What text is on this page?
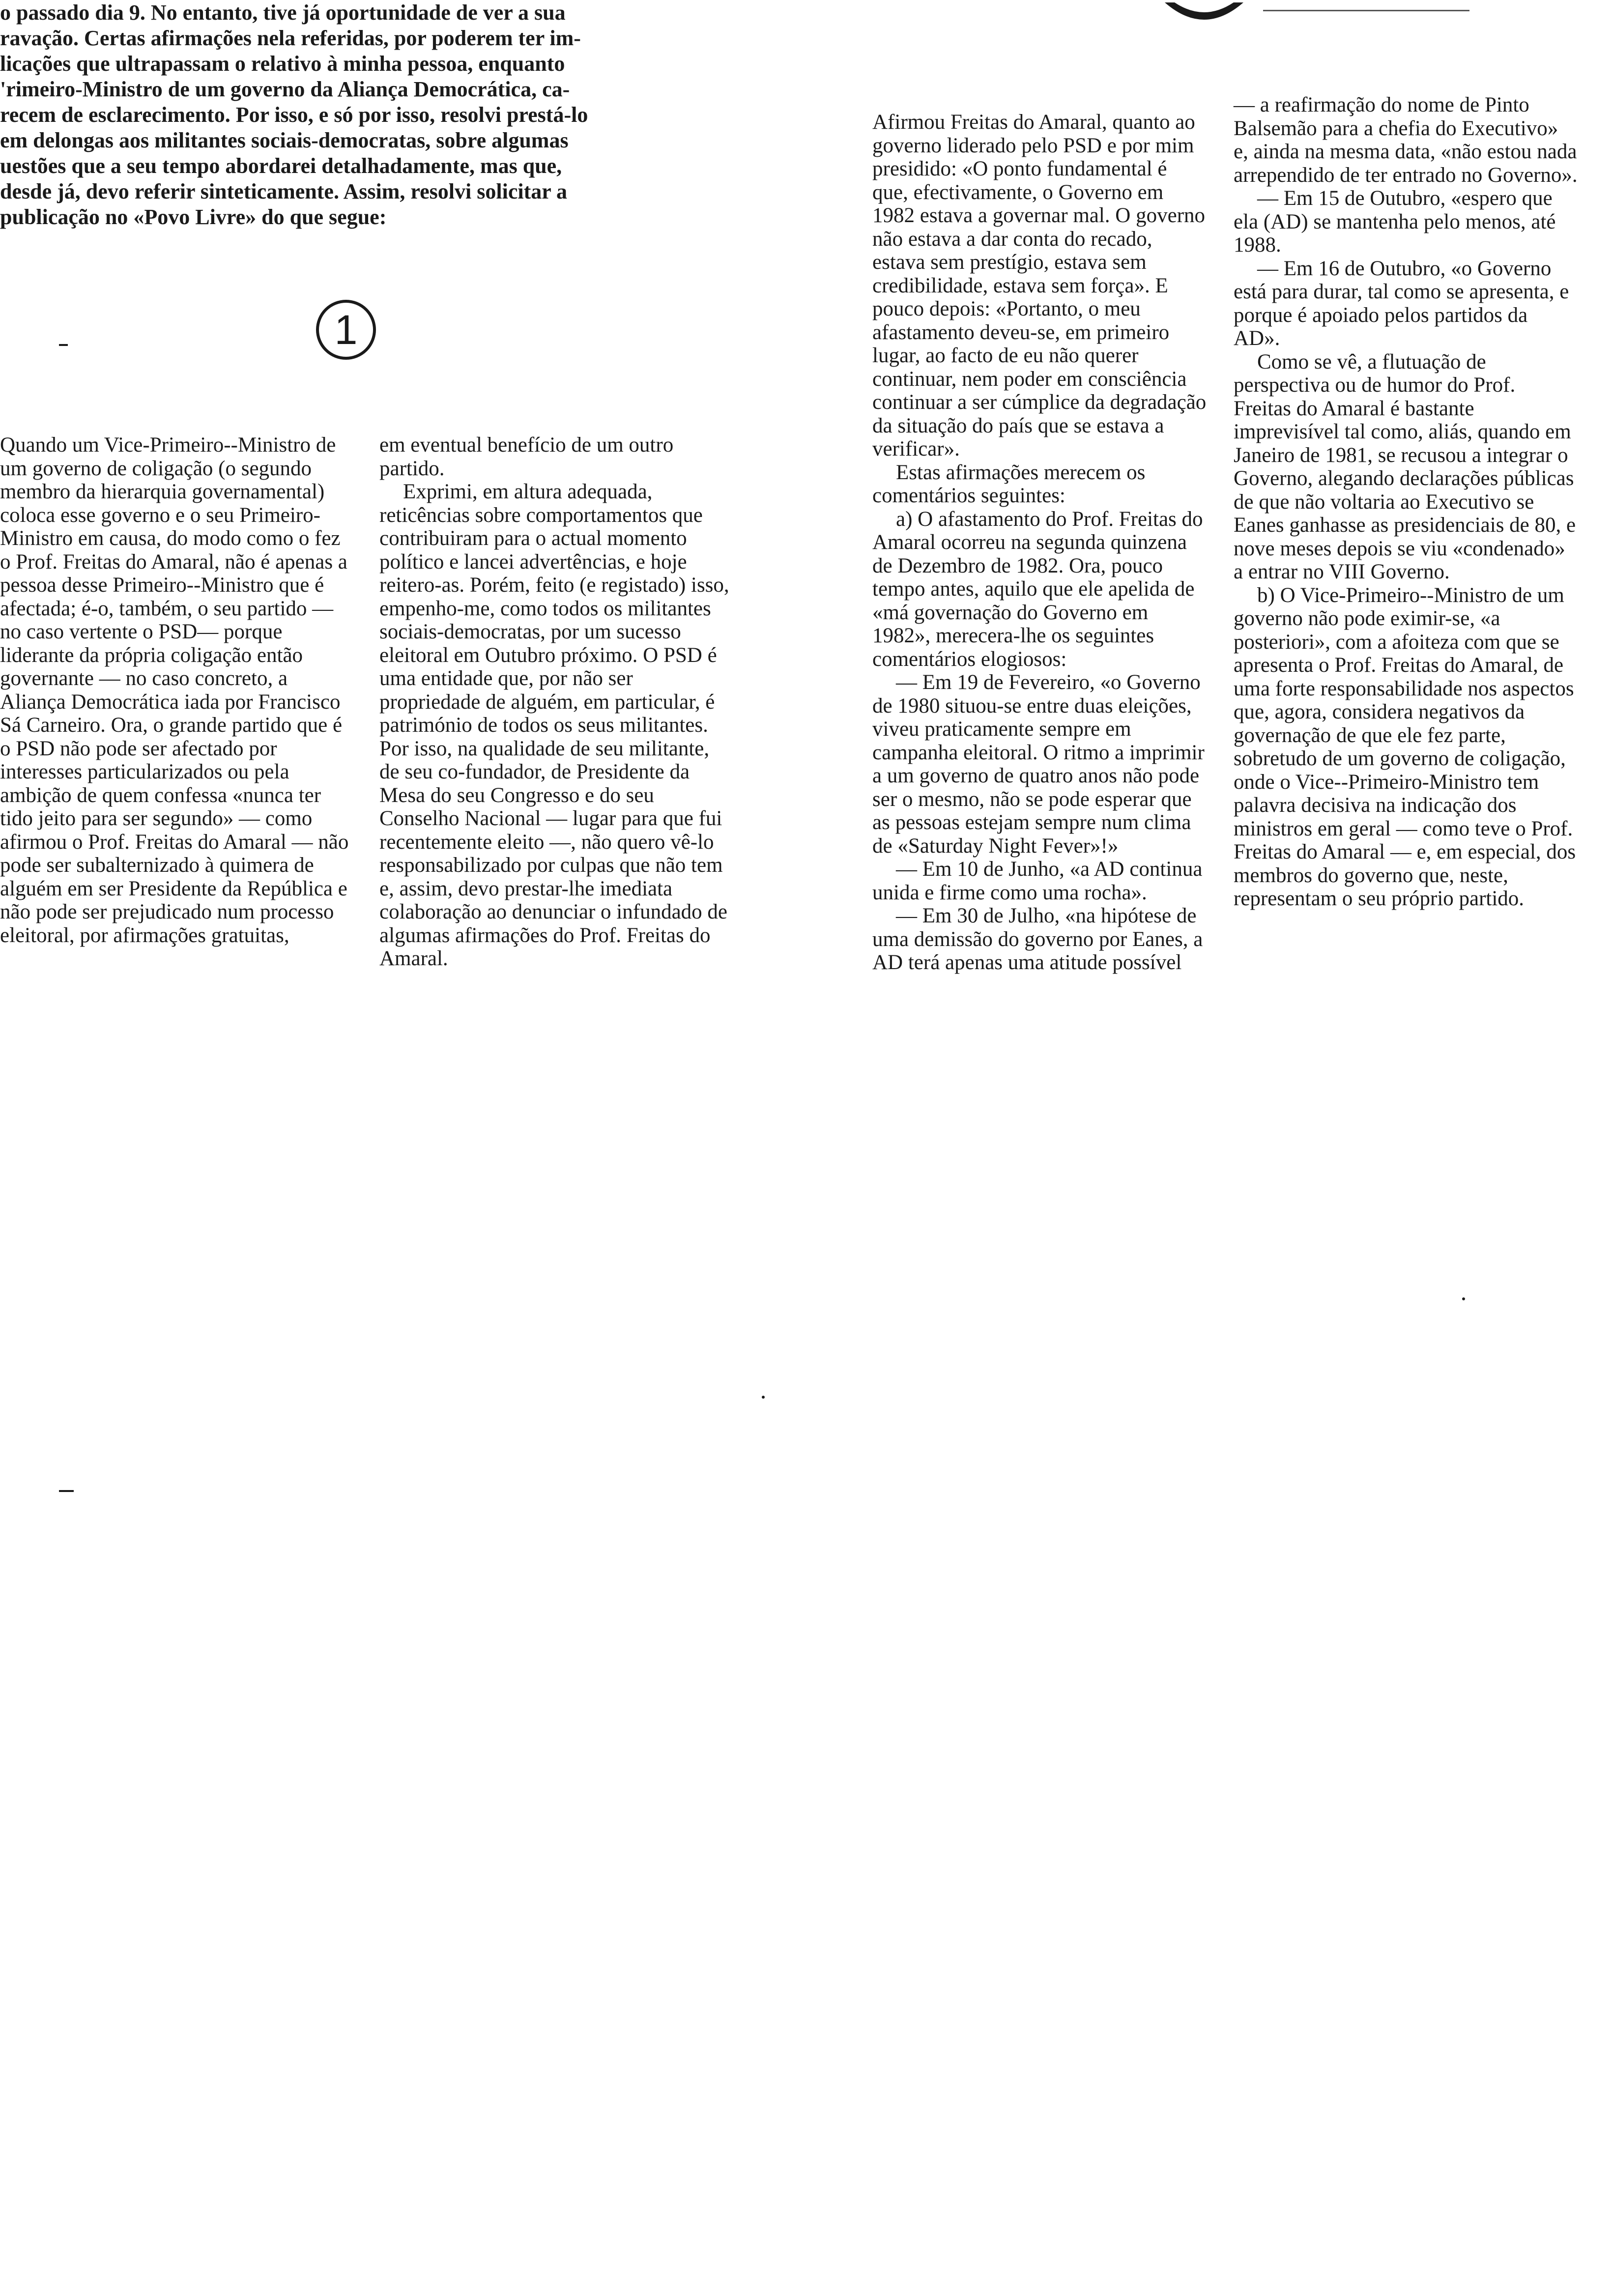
o passado dia 9. No entanto, tive já oportunidade de ver a sua

ravação. Certas afirmações nela referidas, por poderem ter im-

licações que ultrapassam o relativo à minha pessoa, enquanto

'rimeiro-Ministro de um governo da Aliança Democrática, ca-

recem de esclarecimento. Por isso, e só por isso, resolvi prestá-lo

em delongas aos militantes sociais-democratas, sobre algumas

uestões que a seu tempo abordarei detalhadamente, mas que,

desde já, devo referir sinteticamente. Assim, resolvi solicitar a

publicação no «Povo Livre» do que segue:

1

Quando um Vice-Primeiro--Ministro de um governo de coligação (o segundo membro da hierarquia governamental) coloca esse governo e o seu Primeiro-Ministro em causa, do modo como o fez o Prof. Freitas do Amaral, não é apenas a pessoa desse Primeiro--Ministro que é afectada; é-o, também, o seu partido — no caso vertente o PSD— porque liderante da própria coligação então governante — no caso concreto, a Aliança Democrática iada por Francisco Sá Carneiro. Ora, o grande partido que é o PSD não pode ser afectado por interesses particularizados ou pela ambição de quem confessa «nunca ter tido jeito para ser segundo» — como afirmou o Prof. Freitas do Amaral — não pode ser subalternizado à quimera de alguém em ser Presidente da República e não pode ser prejudicado num processo eleitoral, por afirmações gratuitas,

em eventual benefício de um outro partido.

Exprimi, em altura adequada, reticências sobre comportamentos que contribuiram para o actual momento político e lancei advertências, e hoje reitero-as. Porém, feito (e registado) isso, empenho-me, como todos os militantes sociais-democratas, por um sucesso eleitoral em Outubro próximo. O PSD é uma entidade que, por não ser propriedade de alguém, em particular, é património de todos os seus militantes. Por isso, na qualidade de seu militante, de seu co-fundador, de Presidente da Mesa do seu Congresso e do seu Conselho Nacional — lugar para que fui recentemente eleito —, não quero vê-lo responsabilizado por culpas que não tem e, assim, devo prestar-lhe imediata colaboração ao denunciar o infundado de algumas afirmações do Prof. Freitas do Amaral.

Afirmou Freitas do Amaral, quanto ao governo liderado pelo PSD e por mim presidido: «O ponto fundamental é que, efectivamente, o Governo em 1982 estava a governar mal. O governo não estava a dar conta do recado, estava sem prestígio, estava sem credibilidade, estava sem força». E pouco depois: «Portanto, o meu afastamento deveu-se, em primeiro lugar, ao facto de eu não querer continuar, nem poder em consciência continuar a ser cúmplice da degradação da situação do país que se estava a verificar».

Estas afirmações merecem os comentários seguintes:

a) O afastamento do Prof. Freitas do Amaral ocorreu na segunda quinzena de Dezembro de 1982. Ora, pouco tempo antes, aquilo que ele apelida de «má governação do Governo em 1982», merecera-lhe os seguintes comentários elogiosos:

— Em 19 de Fevereiro, «o Governo de 1980 situou-se entre duas eleições, viveu praticamente sempre em campanha eleitoral. O ritmo a imprimir a um governo de quatro anos não pode ser o mesmo, não se pode esperar que as pessoas estejam sempre num clima de «Saturday Night Fever»!»

— Em 10 de Junho, «a AD continua unida e firme como uma rocha».

— Em 30 de Julho, «na hipótese de uma demissão do governo por Eanes, a AD terá apenas uma atitude possível

— a reafirmação do nome de Pinto Balsemão para a chefia do Executivo» e, ainda na mesma data, «não estou nada arrependido de ter entrado no Governo».

— Em 15 de Outubro, «espero que ela (AD) se mantenha pelo menos, até 1988.

— Em 16 de Outubro, «o Governo está para durar, tal como se apresenta, e porque é apoiado pelos partidos da AD».

Como se vê, a flutuação de perspectiva ou de humor do Prof. Freitas do Amaral é bastante imprevisível tal como, aliás, quando em Janeiro de 1981, se recusou a integrar o Governo, alegando declarações públicas de que não voltaria ao Executivo se Eanes ganhasse as presidenciais de 80, e nove meses depois se viu «condenado» a entrar no VIII Governo.

b) O Vice-Primeiro--Ministro de um governo não pode eximir-se, «a posteriori», com a afoiteza com que se apresenta o Prof. Freitas do Amaral, de uma forte responsabilidade nos aspectos que, agora, considera negativos da governação de que ele fez parte, sobretudo de um governo de coligação, onde o Vice--Primeiro-Ministro tem palavra decisiva na indicação dos ministros em geral — como teve o Prof. Freitas do Amaral — e, em especial, dos membros do governo que, neste, representam o seu próprio partido.
